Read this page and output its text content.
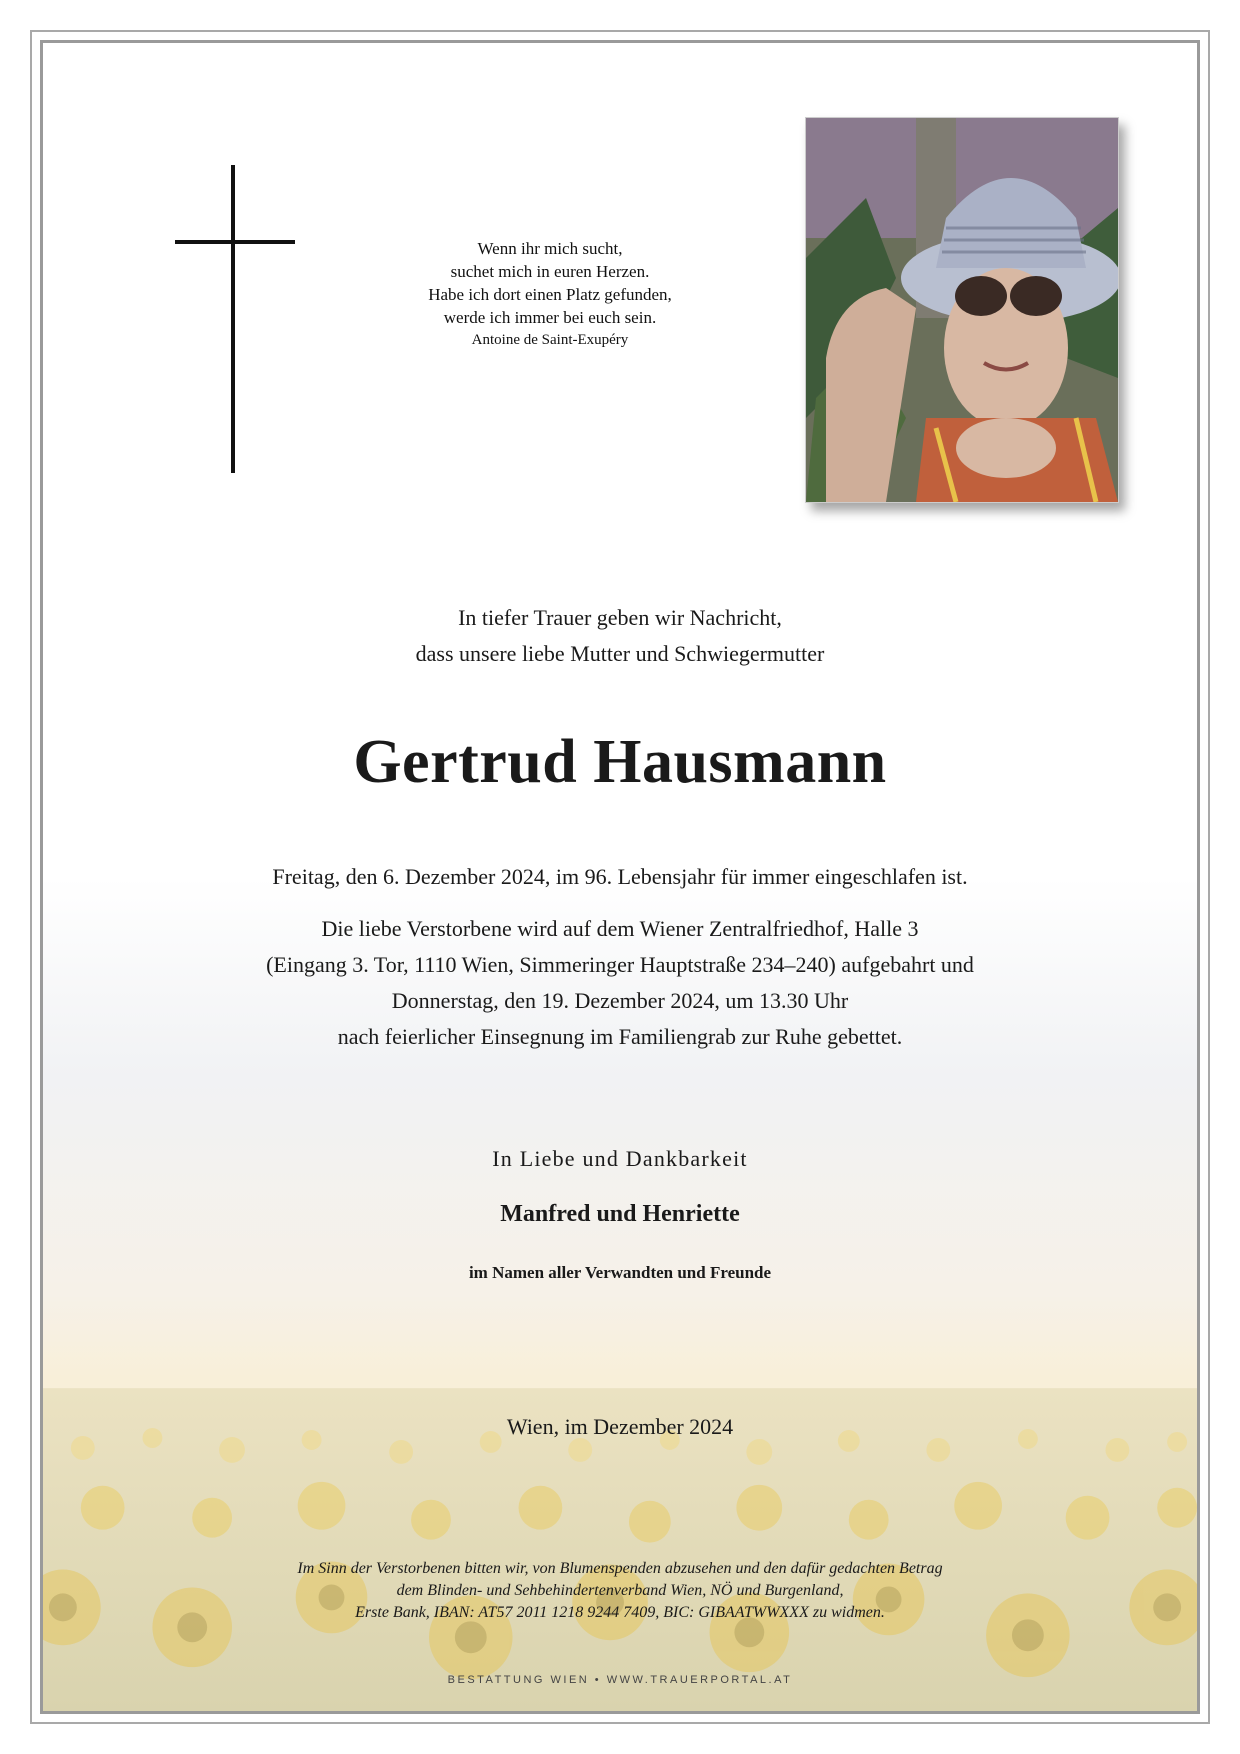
Wenn ihr mich sucht,
suchet mich in euren Herzen.
Habe ich dort einen Platz gefunden,
werde ich immer bei euch sein.
Antoine de Saint-Exupéry
In tiefer Trauer geben wir Nachricht,
dass unsere liebe Mutter und Schwiegermutter
Gertrud Hausmann
Freitag, den 6. Dezember 2024, im 96. Lebensjahr für immer eingeschlafen ist.
Die liebe Verstorbene wird auf dem Wiener Zentralfriedhof, Halle 3
(Eingang 3. Tor, 1110 Wien, Simmeringer Hauptstraße 234–240) aufgebahrt und
Donnerstag, den 19. Dezember 2024, um 13.30 Uhr
nach feierlicher Einsegnung im Familiengrab zur Ruhe gebettet.
In Liebe und Dankbarkeit
Manfred und Henriette
im Namen aller Verwandten und Freunde
Wien, im Dezember 2024
Im Sinn der Verstorbenen bitten wir, von Blumenspenden abzusehen und den dafür gedachten Betrag
dem Blinden- und Sehbehindertenverband Wien, NÖ und Burgenland,
Erste Bank, IBAN: AT57 2011 1218 9244 7409, BIC: GIBAATWWXXX zu widmen.
BESTATTUNG WIEN • WWW.TRAUERPORTAL.AT
